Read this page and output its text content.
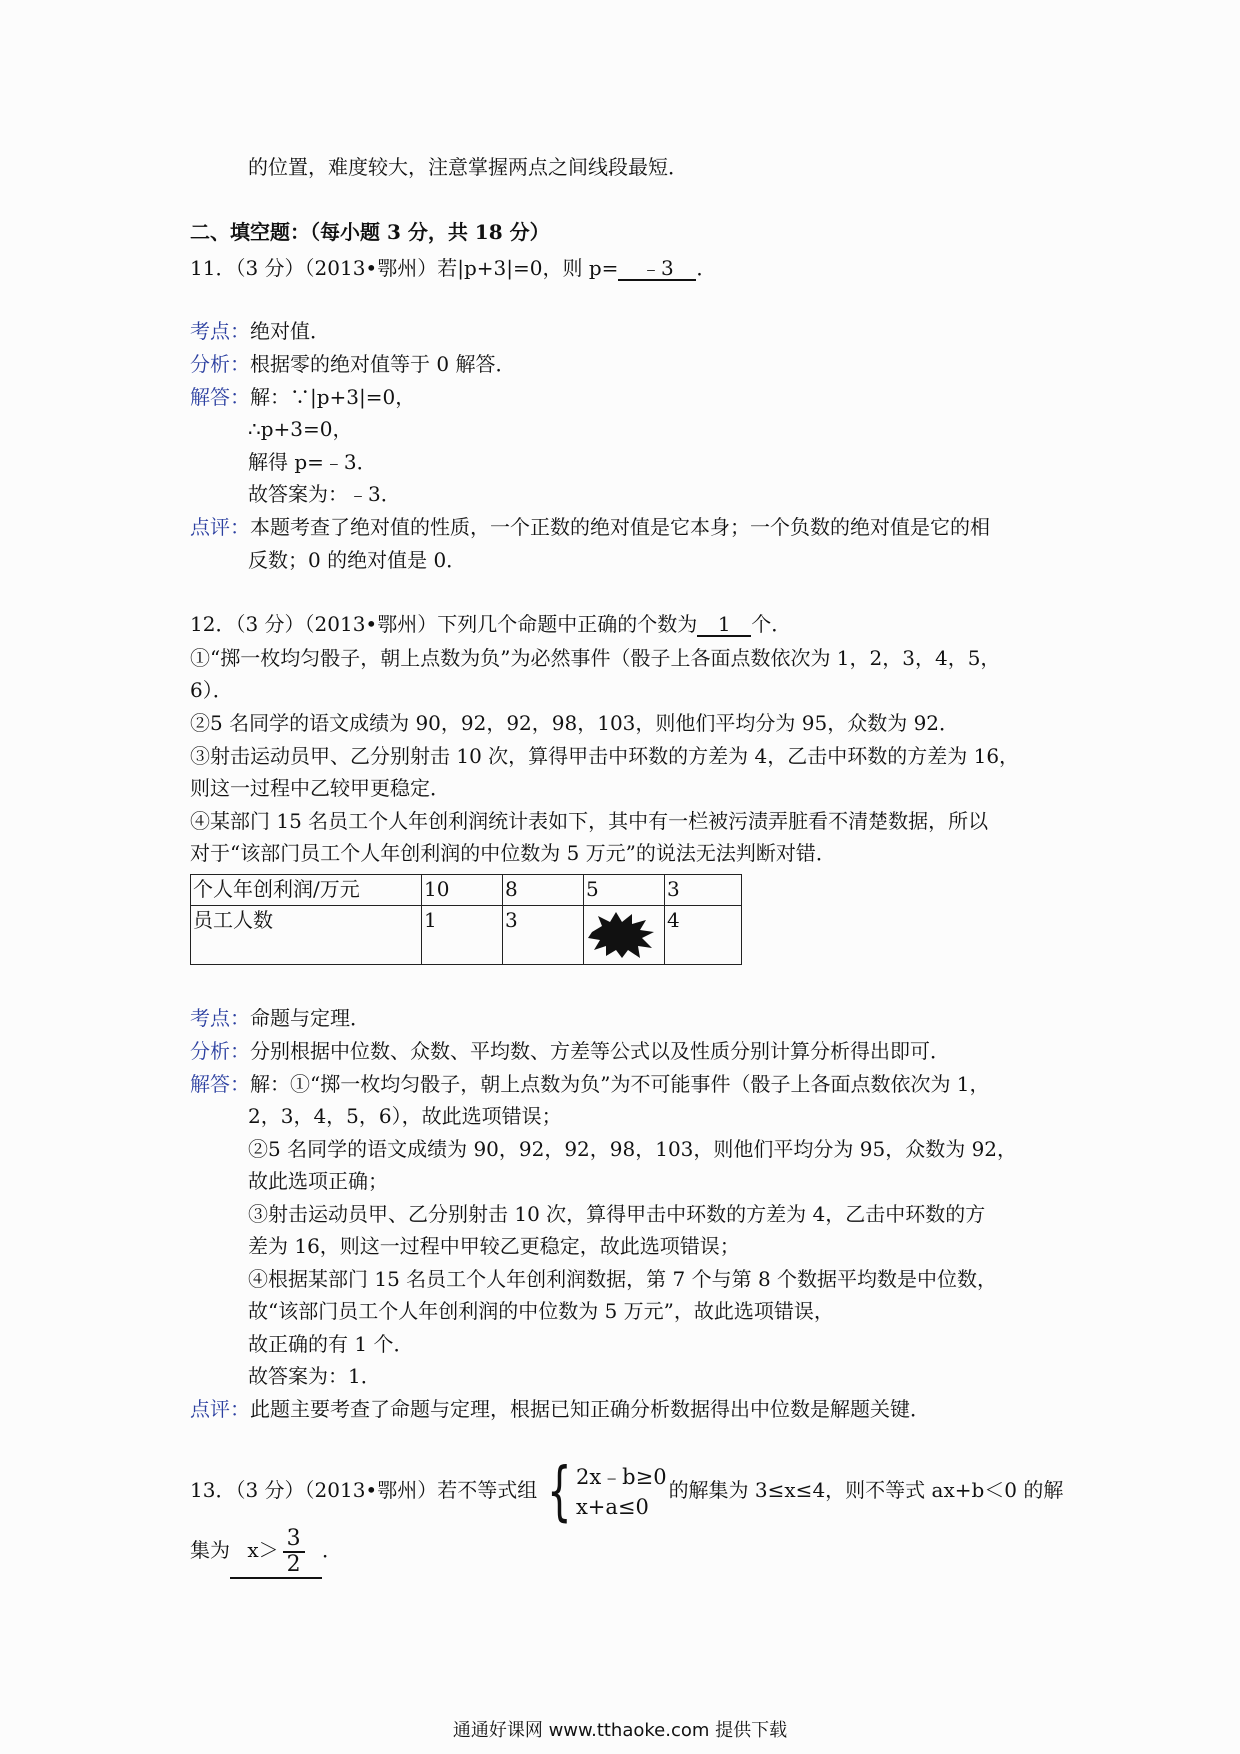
的位置，难度较大，注意掌握两点之间线段最短．
二、填空题：（每小题 3 分，共 18 分）
11．（3 分）（2013•鄂州）若|p+3|=0，则 p= ﹣3 ．
考点：绝对值．
分析：根据零的绝对值等于 0 解答．
解答：解：∵|p+3|=0，
∴p+3=0，
解得 p=﹣3．
故答案为：﹣3．
点评：本题考查了绝对值的性质，一个正数的绝对值是它本身；一个负数的绝对值是它的相
反数；0 的绝对值是 0．
12．（3 分）（2013•鄂州）下列几个命题中正确的个数为 1 个．
①“掷一枚均匀骰子，朝上点数为负”为必然事件（骰子上各面点数依次为 1，2，3，4，5，
6）．
②5 名同学的语文成绩为 90，92，92，98，103，则他们平均分为 95，众数为 92．
③射击运动员甲、乙分别射击 10 次，算得甲击中环数的方差为 4，乙击中环数的方差为 16，
则这一过程中乙较甲更稳定．
④某部门 15 名员工个人年创利润统计表如下，其中有一栏被污渍弄脏看不清楚数据，所以
对于“该部门员工个人年创利润的中位数为 5 万元”的说法无法判断对错．
个人年创利润/万元	10	8	5	3
员工人数	1	3		4
考点：命题与定理．
分析：分别根据中位数、众数、平均数、方差等公式以及性质分别计算分析得出即可．
解答：解：①“掷一枚均匀骰子，朝上点数为负”为不可能事件（骰子上各面点数依次为 1，
2，3，4，5，6），故此选项错误；
②5 名同学的语文成绩为 90，92，92，98，103，则他们平均分为 95，众数为 92，
故此选项正确；
③射击运动员甲、乙分别射击 10 次，算得甲击中环数的方差为 4，乙击中环数的方
差为 16，则这一过程中甲较乙更稳定，故此选项错误；
④根据某部门 15 名员工个人年创利润数据，第 7 个与第 8 个数据平均数是中位数，
故“该部门员工个人年创利润的中位数为 5 万元”，故此选项错误，
故正确的有 1 个．
故答案为：1．
点评：此题主要考查了命题与定理，根据已知正确分析数据得出中位数是解题关键．
13．（3 分）（2013•鄂州）若不等式组 { 2x﹣b≥0
x+a≤0
的解集为 3≤x≤4，则不等式 ax+b＜0 的解
集为 $x> \frac{3}{2}$ ．
通通好课网 www.tthaoke.com 提供下载
